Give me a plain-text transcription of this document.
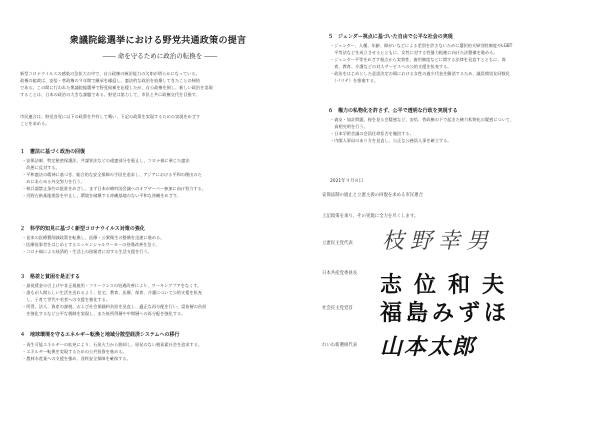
衆議院総選挙における野党共通政策の提言
―― 命を守るために政治の転換を ――
新型コロナウイルスの感染の急拡大の中で、自公政権の統治能力の欠如が明らかになっている。
政権の総裁は、安倍・菅政権の９年間で継承を繰返し、憲法的な政治を放棄してきたことの帰結
である。この間に行われた衆議院総選挙で野党候補を応援したが、自公政権を倒し、新しい政治を実現
することは、日本の政治の大きな課題である。野党は協力して、市民と共に政権交代を目指す。
市民連合は、野党各党に以下の政策を共有して戦い、下記の政策を実現するための実現をめざす
ことを求める。
１　憲法に基づく政治の回復
・安保法制、特定秘密保護法、共謀罪法などの違憲部分を廃止し、コロナ禍に乗じた憲法
　改悪に反対する。
・平和憲法の精神に基づき、総合的な安全保障の手段を追求し、アジアにおける平和の創出のた
　めにあらゆる外交努力を行う。
・核兵器禁止条約の批准をめざし、まず日本が締約国会議へのオブザーバー参加に向け努力する。
・辺野古新基地建設を中止し、環境を破壊する沖縄基地のない平和な沖縄をめざす。
２　科学的知見に基づく新型コロナウイルス対策の強化
・従来の医療費削減政策を転換し、医療・公衆衛生の整備を迅速に進める。
・医療従事者をはじめとするエッセンシャルワーカーの待遇改善を急ぐ。
・コロナ禍による経済的・生活上の困窮者に対する生活支援を行う。
３　格差と貧困を是正する
・最低賃金の引上げや非正規雇用・フリーランスの処遇改善により、ワーキングプアをなくす。
・誰もが人間らしい生活を送れるよう、住宅、教育、医療、保育、介護について公的支援を拡充
　し、子育て世代や若者への支援を強化する。
・所得、法人、資産の課税、および社会保険料負担を見直し、適正な再分配を行い、富裕層の負担
　を強化するなど公平な税制を実現し、また低所得層や中間層への再分配を強化する。
４　地球環境を守るエネルギー転換と地域分散型経済システムへの移行
・再生可能エネルギーの拡充により、石炭火力から脱却し、原発のない脱炭素社会を追求する。
・エネルギー転換を実現するための公共投資を進める。
・農林水産業への支援を強め、食料安全保障を確保する。
５　ジェンダー視点に基づいた自由で公平な社会の実現
・ジェンダー、人種、年齢、障がいなどによる差別を許さないために選択的夫婦別姓制度やLGBT
　平等法などを成立させるとともに、女性に対する性暴力根絶に向けた法整備を進める。
・ジェンダー平等をめざす視点から実効性、雇用制度などに関する法律を見直すとともに、保
　育、教育、介護などの対人サービスへの公的支援を拡充する。
・政治をはじめとした意思決定の場における女性の過少代表を解消するため、議員間男女同数化
　（パリテ）を推進する。
６　権力の私物化を許さず、公平で透明な行政を実現する
・森友・加計問題、桜を見る会疑惑など、安倍、菅政権の下で起きた権力私物化の疑惑について、
　真相究明を行う。
・日本学術会議の会員任命拒否を撤回する。
・内閣人事局のあり方を見直し、公正な公務員人事を確立する。
2021年９月８日
安保法制の廃止と立憲主義の回復を求める市民連合
上記政策を承り、その実現に全力を尽くします。
立憲民主党代表 枝野幸男
日本共産党委員長 志位和夫
社会民主党党首 福島みずほ
れいわ新選組代表 山本太郎
